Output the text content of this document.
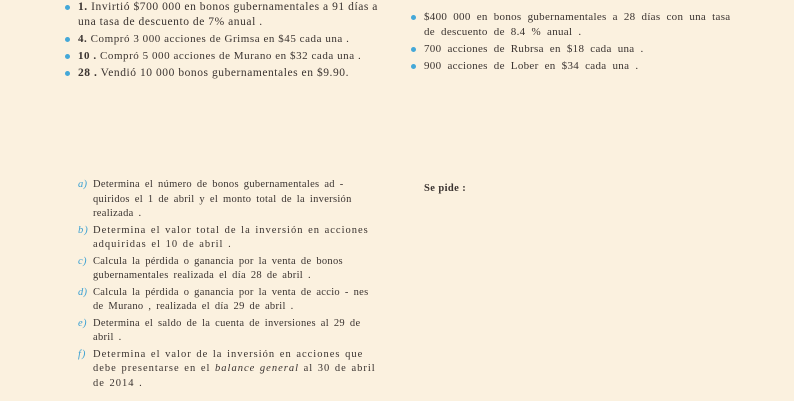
1. Invirtió $700 000 en bonos gubernamentales a 91 días a una tasa de descuento de 7% anual .
4. Compró 3 000 acciones de Grimsa en $45 cada una .
10 . Compró 5 000 acciones de Murano en $32 cada una .
28 . Vendió 10 000 bonos gubernamentales en $9.90.
$400 000 en bonos gubernamentales a 28 días con una tasa de descuento de 8.4 % anual .
700 acciones de Rubrsa en $18 cada una .
900 acciones de Lober en $34 cada una .
a) Determina el número de bonos gubernamentales ad - quiridos el 1 de abril y el monto total de la inversión realizada .
b) Determina el valor total de la inversión en acciones adquiridas el 10 de abril .
c) Calcula la pérdida o ganancia por la venta de bonos gubernamentales realizada el día 28 de abril .
d) Calcula la pérdida o ganancia por la venta de accio - nes de Murano , realizada el día 29 de abril .
e) Determina el saldo de la cuenta de inversiones al 29 de abril .
f) Determina el valor de la inversión en acciones que debe presentarse en el balance general al 30 de abril de 2014 .
Se pide :
